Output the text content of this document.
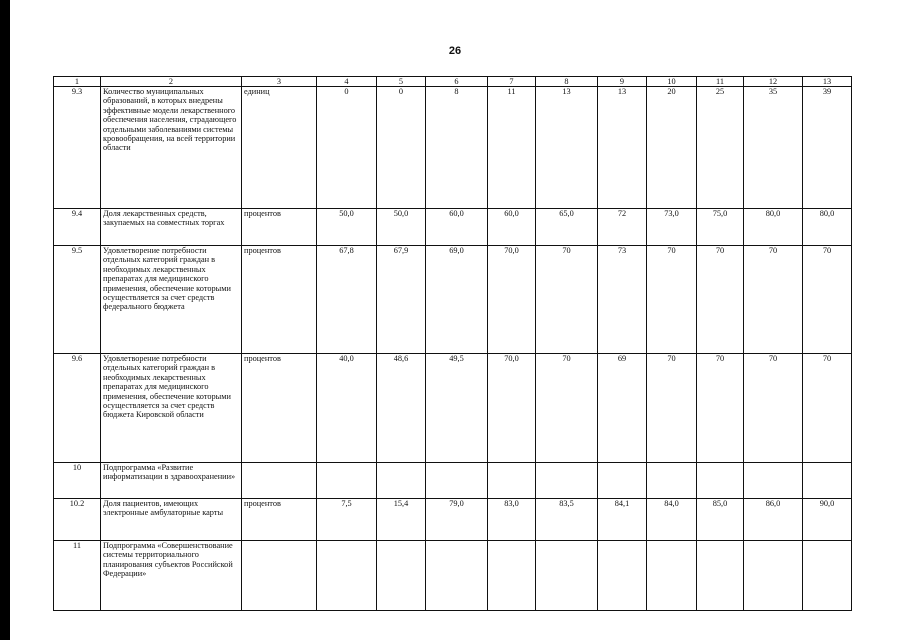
26
1	2	3	4	5	6	7	8	9	10	11	12	13
9.3	Количество муниципальных образований, в которых внедрены эффективные модели лекарственного обеспечения населения, страдающего отдельными заболеваниями системы кровообращения, на всей территории области	единиц	0	0	8	11	13	13	20	25	35	39
9.4	Доля лекарственных средств, закупаемых на совместных торгах	процентов	50,0	50,0	60,0	60,0	65,0	72	73,0	75,0	80,0	80,0
9.5	Удовлетворение потребности отдельных категорий граждан в необходимых лекарственных препаратах для медицинского применения, обеспечение которыми осуществляется за счет средств федерального бюджета	процентов	67,8	67,9	69,0	70,0	70	73	70	70	70	70
9.6	Удовлетворение потребности отдельных категорий граждан в необходимых лекарственных препаратах для медицинского применения, обеспечение которыми осуществляется за счет средств бюджета Кировской области	процентов	40,0	48,6	49,5	70,0	70	69	70	70	70	70
10	Подпрограмма «Развитие информатизации в здравоохранении»											
10.2	Доля пациентов, имеющих электронные амбулаторные карты	процентов	7,5	15,4	79,0	83,0	83,5	84,1	84,0	85,0	86,0	90,0
11	Подпрограмма «Совершенствование системы территориального планирования субъектов Российской Федерации»											
